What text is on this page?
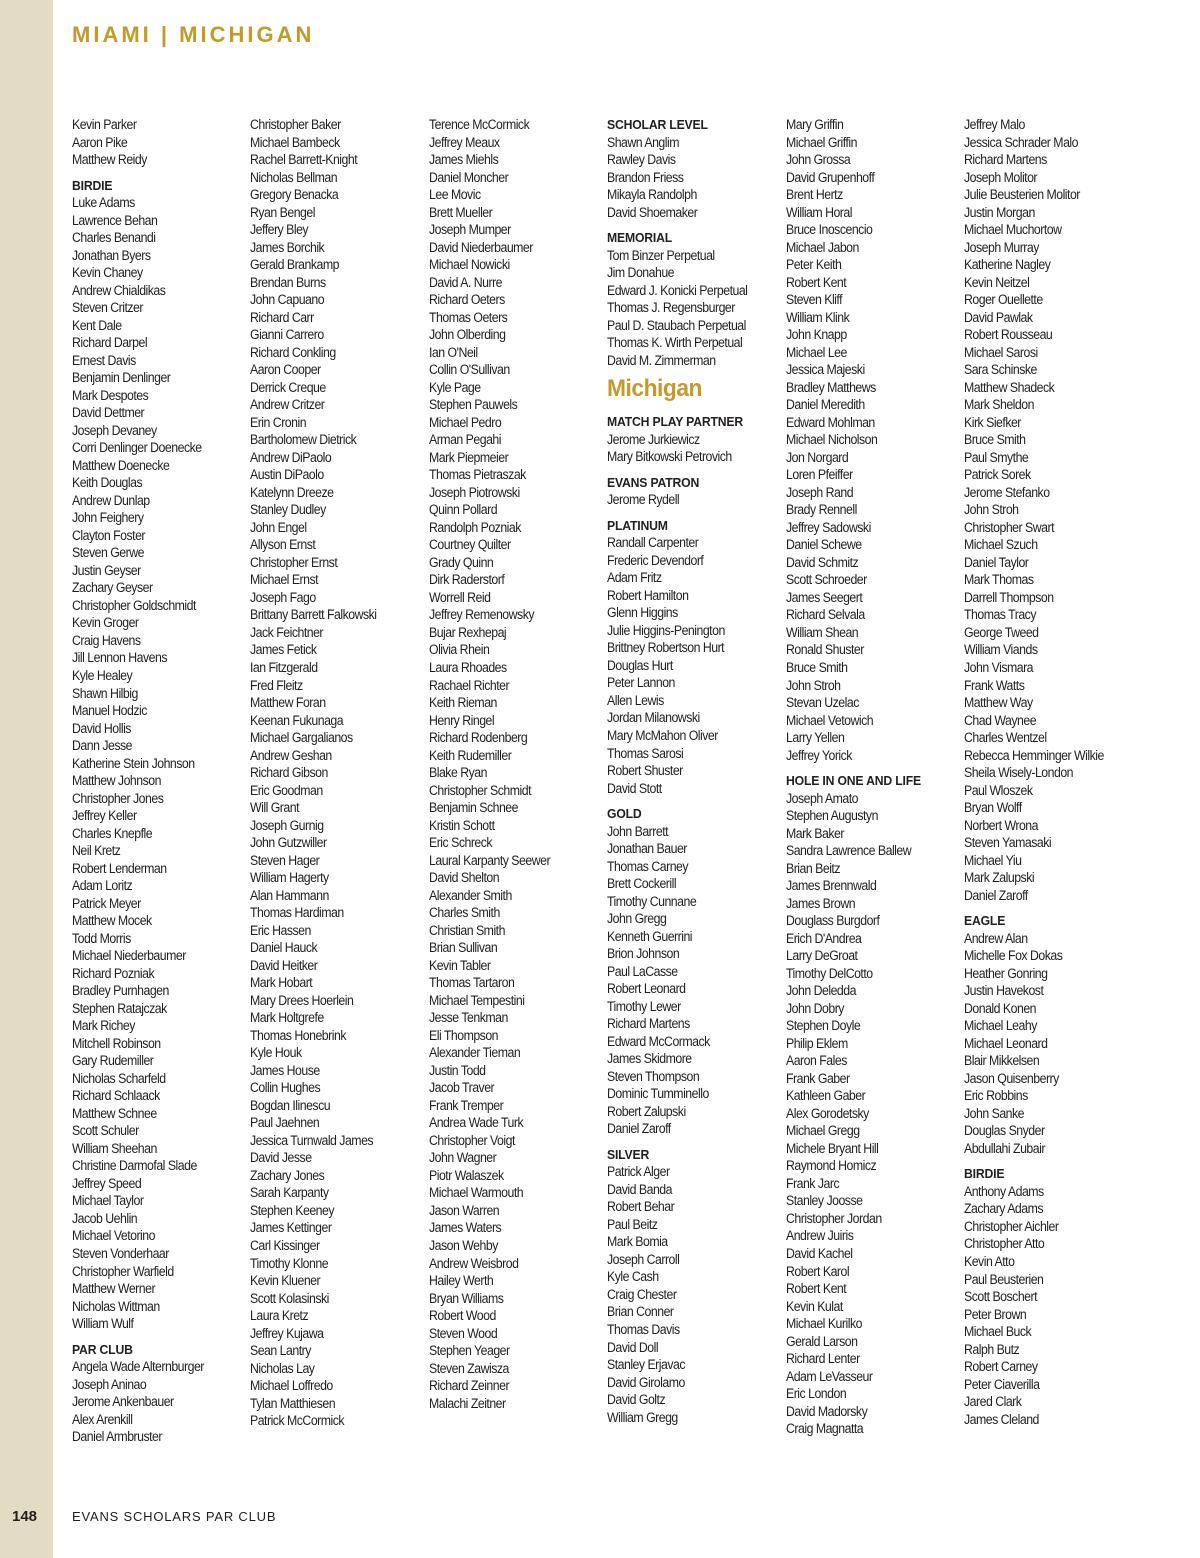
MIAMI | MICHIGAN
Kevin Parker
Aaron Pike
Matthew Reidy
BIRDIE
Luke Adams
Lawrence Behan
Charles Benandi
Jonathan Byers
Kevin Chaney
Andrew Chialdikas
Steven Critzer
Kent Dale
Richard Darpel
Ernest Davis
Benjamin Denlinger
Mark Despotes
David Dettmer
Joseph Devaney
Corri Denlinger Doenecke
Matthew Doenecke
Keith Douglas
Andrew Dunlap
John Feighery
Clayton Foster
Steven Gerwe
Justin Geyser
Zachary Geyser
Christopher Goldschmidt
Kevin Groger
Craig Havens
Jill Lennon Havens
Kyle Healey
Shawn Hilbig
Manuel Hodzic
David Hollis
Dann Jesse
Katherine Stein Johnson
Matthew Johnson
Christopher Jones
Jeffrey Keller
Charles Knepfle
Neil Kretz
Robert Lenderman
Adam Loritz
Patrick Meyer
Matthew Mocek
Todd Morris
Michael Niederbaumer
Richard Pozniak
Bradley Purnhagen
Stephen Ratajczak
Mark Richey
Mitchell Robinson
Gary Rudemiller
Nicholas Scharfeld
Richard Schlaack
Matthew Schnee
Scott Schuler
William Sheehan
Christine Darmofal Slade
Jeffrey Speed
Michael Taylor
Jacob Uehlin
Michael Vetorino
Steven Vonderhaar
Christopher Warfield
Matthew Werner
Nicholas Wittman
William Wulf
PAR CLUB
Angela Wade Alternburger
Joseph Aninao
Jerome Ankenbauer
Alex Arenkill
Daniel Armbruster
Christopher Baker
Michael Bambeck
Rachel Barrett-Knight
Nicholas Bellman
Gregory Benacka
Ryan Bengel
Jeffery Bley
James Borchik
Gerald Brankamp
Brendan Burns
John Capuano
Richard Carr
Gianni Carrero
Richard Conkling
Aaron Cooper
Derrick Creque
Andrew Critzer
Erin Cronin
Bartholomew Dietrick
Andrew DiPaolo
Austin DiPaolo
Katelynn Dreeze
Stanley Dudley
John Engel
Allyson Ernst
Christopher Ernst
Michael Ernst
Joseph Fago
Brittany Barrett Falkowski
Jack Feichtner
James Fetick
Ian Fitzgerald
Fred Fleitz
Matthew Foran
Keenan Fukunaga
Michael Gargalianos
Andrew Geshan
Richard Gibson
Eric Goodman
Will Grant
Joseph Gurnig
John Gutzwiller
Steven Hager
William Hagerty
Alan Hammann
Thomas Hardiman
Eric Hassen
Daniel Hauck
David Heitker
Mark Hobart
Mary Drees Hoerlein
Mark Holtgrefe
Thomas Honebrink
Kyle Houk
James House
Collin Hughes
Bogdan Ilinescu
Paul Jaehnen
Jessica Turnwald James
David Jesse
Zachary Jones
Sarah Karpanty
Stephen Keeney
James Kettinger
Carl Kissinger
Timothy Klonne
Kevin Kluener
Scott Kolasinski
Laura Kretz
Jeffrey Kujawa
Sean Lantry
Nicholas Lay
Michael Loffredo
Tylan Matthiesen
Patrick McCormick
Terence McCormick
Jeffrey Meaux
James Miehls
Daniel Moncher
Lee Movic
Brett Mueller
Joseph Mumper
David Niederbaumer
Michael Nowicki
David A. Nurre
Richard Oeters
Thomas Oeters
John Olberding
Ian O'Neil
Collin O'Sullivan
Kyle Page
Stephen Pauwels
Michael Pedro
Arman Pegahi
Mark Piepmeier
Thomas Pietraszak
Joseph Piotrowski
Quinn Pollard
Randolph Pozniak
Courtney Quilter
Grady Quinn
Dirk Raderstorf
Worrell Reid
Jeffrey Remenowsky
Bujar Rexhepaj
Olivia Rhein
Laura Rhoades
Rachael Richter
Keith Rieman
Henry Ringel
Richard Rodenberg
Keith Rudemiller
Blake Ryan
Christopher Schmidt
Benjamin Schnee
Kristin Schott
Eric Schreck
Laural Karpanty Seewer
David Shelton
Alexander Smith
Charles Smith
Christian Smith
Brian Sullivan
Kevin Tabler
Thomas Tartaron
Michael Tempestini
Jesse Tenkman
Eli Thompson
Alexander Tieman
Justin Todd
Jacob Traver
Frank Tremper
Andrea Wade Turk
Christopher Voigt
John Wagner
Piotr Walaszek
Michael Warmouth
Jason Warren
James Waters
Jason Wehby
Andrew Weisbrod
Hailey Werth
Bryan Williams
Robert Wood
Steven Wood
Stephen Yeager
Steven Zawisza
Richard Zeinner
Malachi Zeitner
SCHOLAR LEVEL
Shawn Anglim
Rawley Davis
Brandon Friess
Mikayla Randolph
David Shoemaker
MEMORIAL
Tom Binzer Perpetual
Jim Donahue
Edward J. Konicki Perpetual
Thomas J. Regensburger
Paul D. Staubach Perpetual
Thomas K. Wirth Perpetual
David M. Zimmerman
Michigan
MATCH PLAY PARTNER
Jerome Jurkiewicz
Mary Bitkowski Petrovich
EVANS PATRON
Jerome Rydell
PLATINUM
Randall Carpenter
Frederic Devendorf
Adam Fritz
Robert Hamilton
Glenn Higgins
Julie Higgins-Penington
Brittney Robertson Hurt
Douglas Hurt
Peter Lannon
Allen Lewis
Jordan Milanowski
Mary McMahon Oliver
Thomas Sarosi
Robert Shuster
David Stott
GOLD
John Barrett
Jonathan Bauer
Thomas Carney
Brett Cockerill
Timothy Cunnane
John Gregg
Kenneth Guerrini
Brion Johnson
Paul LaCasse
Robert Leonard
Timothy Lewer
Richard Martens
Edward McCormack
James Skidmore
Steven Thompson
Dominic Tumminello
Robert Zalupski
Daniel Zaroff
SILVER
Patrick Alger
David Banda
Robert Behar
Paul Beitz
Mark Bomia
Joseph Carroll
Kyle Cash
Craig Chester
Brian Conner
Thomas Davis
David Doll
Stanley Erjavac
David Girolamo
David Goltz
William Gregg
Mary Griffin
Michael Griffin
John Grossa
David Grupenhoff
Brent Hertz
William Horal
Bruce Inoscencio
Michael Jabon
Peter Keith
Robert Kent
Steven Kliff
William Klink
John Knapp
Michael Lee
Jessica Majeski
Bradley Matthews
Daniel Meredith
Edward Mohlman
Michael Nicholson
Jon Norgard
Loren Pfeiffer
Joseph Rand
Brady Rennell
Jeffrey Sadowski
Daniel Schewe
David Schmitz
Scott Schroeder
James Seegert
Richard Selvala
William Shean
Ronald Shuster
Bruce Smith
John Stroh
Stevan Uzelac
Michael Vetowich
Larry Yellen
Jeffrey Yorick
HOLE IN ONE AND LIFE
Joseph Amato
Stephen Augustyn
Mark Baker
Sandra Lawrence Ballew
Brian Beitz
James Brennwald
James Brown
Douglass Burgdorf
Erich D'Andrea
Larry DeGroat
Timothy DelCotto
John Deledda
John Dobry
Stephen Doyle
Philip Eklem
Aaron Fales
Frank Gaber
Kathleen Gaber
Alex Gorodetsky
Michael Gregg
Michele Bryant Hill
Raymond Homicz
Frank Jarc
Stanley Joosse
Christopher Jordan
Andrew Juiris
David Kachel
Robert Karol
Robert Kent
Kevin Kulat
Michael Kurilko
Gerald Larson
Richard Lenter
Adam LeVasseur
Eric London
David Madorsky
Craig Magnatta
Jeffrey Malo
Jessica Schrader Malo
Richard Martens
Joseph Molitor
Julie Beusterien Molitor
Justin Morgan
Michael Muchortow
Joseph Murray
Katherine Nagley
Kevin Neitzel
Roger Ouellette
David Pawlak
Robert Rousseau
Michael Sarosi
Sara Schinske
Matthew Shadeck
Mark Sheldon
Kirk Siefker
Bruce Smith
Paul Smythe
Patrick Sorek
Jerome Stefanko
John Stroh
Christopher Swart
Michael Szuch
Daniel Taylor
Mark Thomas
Darrell Thompson
Thomas Tracy
George Tweed
William Viands
John Vismara
Frank Watts
Matthew Way
Chad Waynee
Charles Wentzel
Rebecca Hemminger Wilkie
Sheila Wisely-London
Paul Wloszek
Bryan Wolff
Norbert Wrona
Steven Yamasaki
Michael Yiu
Mark Zalupski
Daniel Zaroff
EAGLE
Andrew Alan
Michelle Fox Dokas
Heather Gonring
Justin Havekost
Donald Konen
Michael Leahy
Michael Leonard
Blair Mikkelsen
Jason Quisenberry
Eric Robbins
John Sanke
Douglas Snyder
Abdullahi Zubair
BIRDIE
Anthony Adams
Zachary Adams
Christopher Aichler
Christopher Atto
Kevin Atto
Paul Beusterien
Scott Boschert
Peter Brown
Michael Buck
Ralph Butz
Robert Carney
Peter Ciaverilla
Jared Clark
James Cleland
148	EVANS SCHOLARS PAR CLUB
